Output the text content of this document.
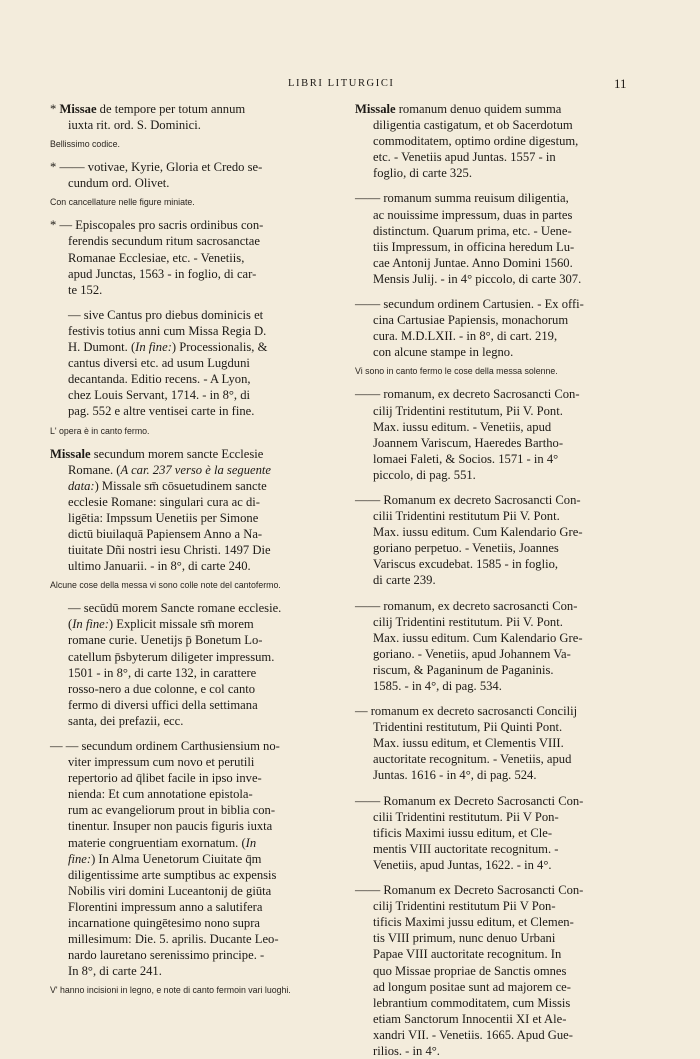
LIBRI LITURGICI	11
* Missae de tempore per totum annum
iuxta rit. ord. S. Dominici.
Bellissimo codice.
* —— votivae, Kyrie, Gloria et Credo se-
cundum ord. Olivet.
Con cancellature nelle figure miniate.
* — Episcopales pro sacris ordinibus con-
ferendis secundum ritum sacrosanctae
Romanae Ecclesiae, etc. - Venetiis,
apud Junctas, 1563 - in foglio, di car-
te 152.
— sive Cantus pro diebus dominicis et
festivis totius anni cum Missa Regia D.
H. Dumont. (In fine:) Processionalis, &
cantus diversi etc. ad usum Lugduni
decantanda. Editio recens. - A Lyon,
chez Louis Servant, 1714. - in 8°, di
pag. 552 e altre ventisei carte in fine.
L' opera è in canto fermo.
Missale secundum morem sancte Ecclesie
Romane. (A car. 237 verso è la seguente
data:) Missale sm̄ cōsuetudinem sancte
ecclesie Romane: singulari cura ac di-
ligētia: Impssum Uenetiis per Simone
dictū biuilaquā Papiensem Anno a Na-
tiuitate Dñi nostri iesu Christi. 1497 Die
ultimo Januarii. - in 8°, di carte 240.
Alcune cose della messa vi sono colle note del cantofermo.
— secūdū morem Sancte romane ecclesie.
(In fine:) Explicit missale sm̄ morem
romane curie. Uenetijs p̄ Bonetum Lo-
catellum p̄sbyterum diligeter impressum.
1501 - in 8°, di carte 132, in carattere
rosso-nero a due colonne, e col canto
fermo di diversi uffici della settimana
santa, dei prefazii, ecc.
— — secundum ordinem Carthusiensium no-
viter impressum cum novo et perutili
repertorio ad q̄libet facile in ipso inve-
nienda: Et cum annotatione epistola-
rum ac evangeliorum prout in biblia con-
tinentur. Insuper non paucis figuris iuxta
materie congruentiam exornatum. (In
fine:) In Alma Uenetorum Ciuitate q̄m
diligentissime arte sumptibus ac expensis
Nobilis viri domini Luceantonij de giūta
Florentini impressum anno a salutifera
incarnatione quingētesimo nono supra
millesimum: Die. 5. aprilis. Ducante Leo-
nardo lauretano serenissimo principe. -
In 8°, di carte 241.
V' hanno incisioni in legno, e note di canto fermoin vari luoghi.
Missale romanum denuo quidem summa
diligentia castigatum, et ob Sacerdotum
commoditatem, optimo ordine digestum,
etc. - Venetiis apud Juntas. 1557 - in
foglio, di carte 325.
—— romanum summa reuisum diligentia,
ac nouissime impressum, duas in partes
distinctum. Quarum prima, etc. - Uene-
tiis Impressum, in officina heredum Lu-
cae Antonij Juntae. Anno Domini 1560.
Mensis Julij. - in 4° piccolo, di carte 307.
—— secundum ordinem Cartusien. - Ex offi-
cina Cartusiae Papiensis, monachorum
cura. M.D.LXII. - in 8°, di cart. 219,
con alcune stampe in legno.
Vi sono in canto fermo le cose della messa solenne.
—— romanum, ex decreto Sacrosancti Con-
cilij Tridentini restitutum, Pii V. Pont.
Max. iussu editum. - Venetiis, apud
Joannem Variscum, Haeredes Bartho-
lomaei Faleti, & Socios. 1571 - in 4°
piccolo, di pag. 551.
—— Romanum ex decreto Sacrosancti Con-
cilii Tridentini restitutum Pii V. Pont.
Max. iussu editum. Cum Kalendario Gre-
goriano perpetuo. - Venetiis, Joannes
Variscus excudebat. 1585 - in foglio,
di carte 239.
—— romanum, ex decreto sacrosancti Con-
cilij Tridentini restitutum. Pii V. Pont.
Max. iussu editum. Cum Kalendario Gre-
goriano. - Venetiis, apud Johannem Va-
riscum, & Paganinum de Paganinis.
1585. - in 4°, di pag. 534.
— romanum ex decreto sacrosancti Concilij
Tridentini restitutum, Pii Quinti Pont.
Max. iussu editum, et Clementis VIII.
auctoritate recognitum. - Venetiis, apud
Juntas. 1616 - in 4°, di pag. 524.
—— Romanum ex Decreto Sacrosancti Con-
cilii Tridentini restitutum. Pii V Pon-
tificis Maximi iussu editum, et Cle-
mentis VIII auctoritate recognitum. -
Venetiis, apud Juntas, 1622. - in 4°.
—— Romanum ex Decreto Sacrosancti Con-
cilij Tridentini restitutum Pii V Pon-
tificis Maximi jussu editum, et Clemen-
tis VIII primum, nunc denuo Urbani
Papae VIII auctoritate recognitum. In
quo Missae propriae de Sanctis omnes
ad longum positae sunt ad majorem ce-
lebrantium commoditatem, cum Missis
etiam Sanctorum Innocentii XI et Ale-
xandri VII. - Venetiis. 1665. Apud Gue-
rilios. - in 4°.
